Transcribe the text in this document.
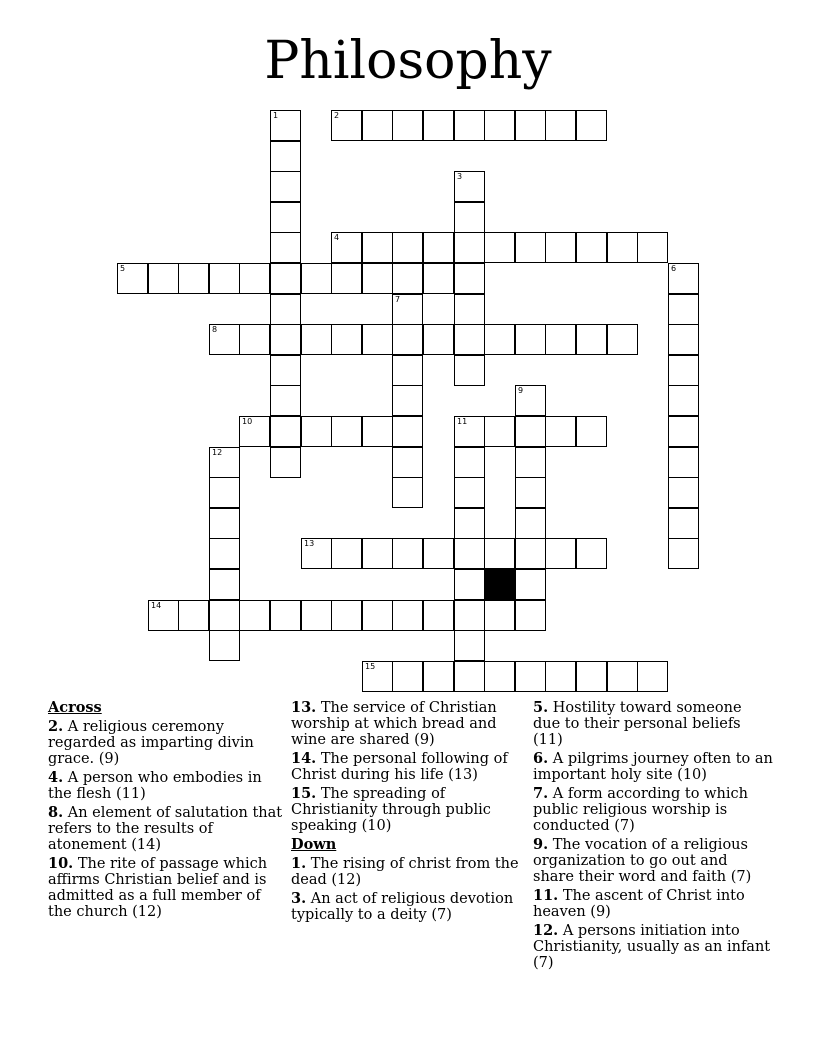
Philosophy
5
14
8
10
12
1	2
4
13
7
3
11
9
6
15
Across
2. A religious ceremony regarded as imparting divin grace. (9)
4. A person who embodies in the flesh (11)
8. An element of salutation that refers to the results of atonement (14)
10. The rite of passage which affirms Christian belief and is admitted as a full member of the church (12)
13. The service of Christian worship at which bread and wine are shared (9)
14. The personal following of Christ during his life (13)
15. The spreading of Christianity through public speaking (10)
Down
1. The rising of christ from the dead (12)
3. An act of religious devotion typically to a deity (7)
5. Hostility toward someone due to their personal beliefs (11)
6. A pilgrims journey often to an important holy site (10)
7. A form according to which public religious worship is conducted (7)
9. The vocation of a religious organization to go out and share their word and faith (7)
11. The ascent of Christ into heaven (9)
12. A persons initiation into Christianity, usually as an infant (7)
